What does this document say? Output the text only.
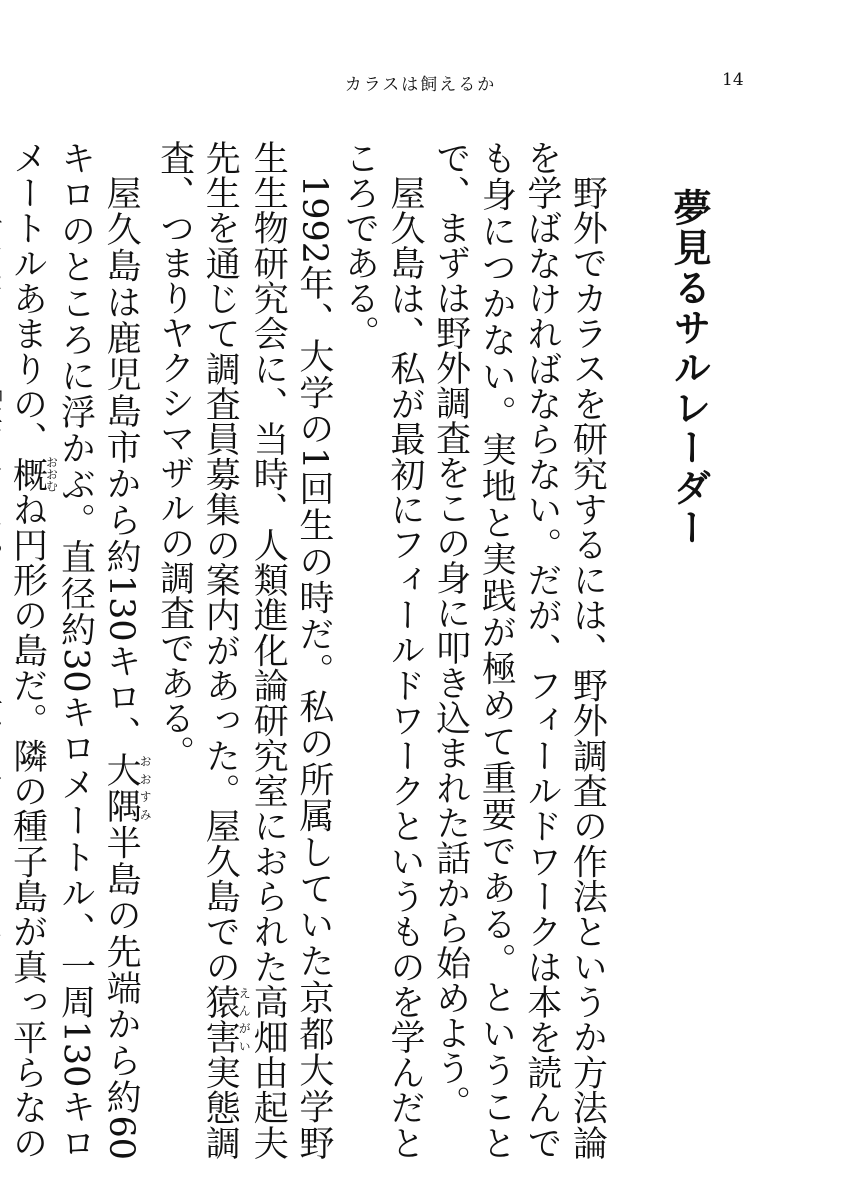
カラスは飼えるか	14
夢見るサルレーダー

野外でカラスを研究するには、野外調査の作法というか方法論を学ばなければならない。だが、フィールドワークは本を読んでも身につかない。実地と実践が極めて重要である。ということで、まずは野外調査をこの身に叩き込まれた話から始めよう。

屋久島は、私が最初にフィールドワークというものを学んだところである。

1992年、大学の1回生の時だ。私の所属していた京都大学野生生物研究会に、当時、人類進化論研究室におられた高畑由起夫先生を通じて調査員募集の案内があった。屋久島での猿害えんがい実態調査、つまりヤクシマザルの調査である。

屋久島は鹿児島市から約130キロ、大隅おおすみ半島の先端から約60キロのところに浮かぶ。直径約30キロメートル、一周130キロメートルあまりの、概おおむね円形の島だ。隣の種子島が真っ平らなの
